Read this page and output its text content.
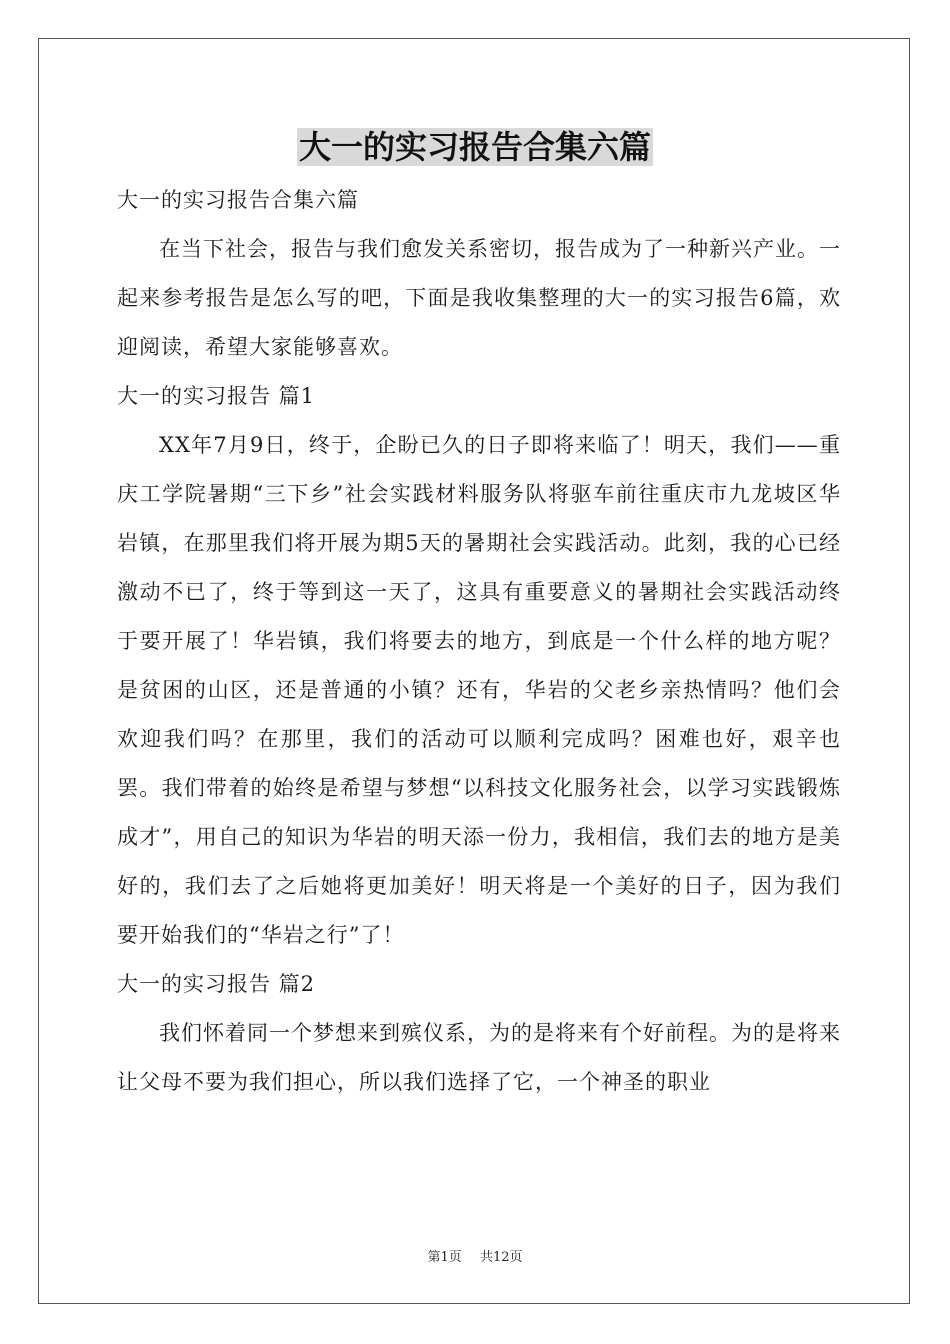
大一的实习报告合集六篇

大一的实习报告合集六篇

在当下社会，报告与我们愈发关系密切，报告成为了一种新兴产业。一起来参考报告是怎么写的吧，下面是我收集整理的大一的实习报告6篇，欢迎阅读，希望大家能够喜欢。

大一的实习报告 篇1

XX年7月9日，终于，企盼已久的日子即将来临了！明天，我们——重庆工学院暑期“三下乡”社会实践材料服务队将驱车前往重庆市九龙坡区华岩镇，在那里我们将开展为期5天的暑期社会实践活动。此刻，我的心已经激动不已了，终于等到这一天了，这具有重要意义的暑期社会实践活动终于要开展了！华岩镇，我们将要去的地方，到底是一个什么样的地方呢？是贫困的山区，还是普通的小镇？还有，华岩的父老乡亲热情吗？他们会欢迎我们吗？在那里，我们的活动可以顺利完成吗？困难也好，艰辛也罢。我们带着的始终是希望与梦想“以科技文化服务社会，以学习实践锻炼成才”，用自己的知识为华岩的明天添一份力，我相信，我们去的地方是美好的，我们去了之后她将更加美好！明天将是一个美好的日子，因为我们要开始我们的“华岩之行”了！

大一的实习报告 篇2

我们怀着同一个梦想来到殡仪系，为的是将来有个好前程。为的是将来让父母不要为我们担心，所以我们选择了它，一个神圣的职业

第1页 共12页
